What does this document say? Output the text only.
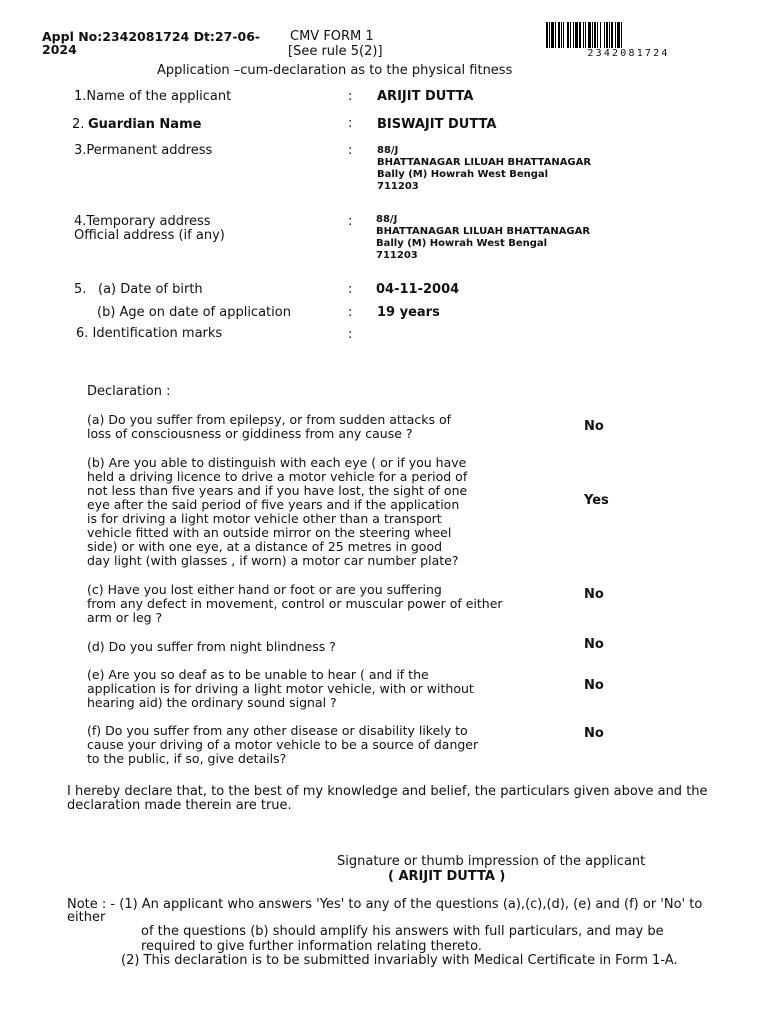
Appl No:2342081724 Dt:27-06-
2024
CMV FORM 1
[See rule 5(2)]
Application –cum-declaration as to the physical fitness
2342081724
1.Name of the applicant	: ARIJIT DUTTA
2. Guardian Name	: BISWAJIT DUTTA
3.Permanent address	: 88/J
BHATTANAGAR LILUAH BHATTANAGAR
Bally (M) Howrah West Bengal
711203
4.Temporary address
Official address (if any)
: 88/J
BHATTANAGAR LILUAH BHATTANAGAR
Bally (M) Howrah West Bengal
711203
5. (a) Date of birth	: 04-11-2004
(b) Age on date of application	: 19 years
6. Identification marks	:
Declaration :
(a) Do you suffer from epilepsy, or from sudden attacks of
loss of consciousness or giddiness from any cause ?	No
(b) Are you able to distinguish with each eye ( or if you have
held a driving licence to drive a motor vehicle for a period of
not less than five years and if you have lost, the sight of one
eye after the said period of five years and if the application
is for driving a light motor vehicle other than a transport
vehicle fitted with an outside mirror on the steering wheel
side) or with one eye, at a distance of 25 metres in good
day light (with glasses , if worn) a motor car number plate?
Yes
(c) Have you lost either hand or foot or are you suffering
from any defect in movement, control or muscular power of either
arm or leg ?
No
(d) Do you suffer from night blindness ?	No
(e) Are you so deaf as to be unable to hear ( and if the
application is for driving a light motor vehicle, with or without
hearing aid) the ordinary sound signal ?
No
(f) Do you suffer from any other disease or disability likely to
cause your driving of a motor vehicle to be a source of danger
to the public, if so, give details?
No
I hereby declare that, to the best of my knowledge and belief, the particulars given above and the
declaration made therein are true.
Signature or thumb impression of the applicant
( ARIJIT DUTTA )
Note : - (1) An applicant who answers 'Yes' to any of the questions (a),(c),(d), (e) and (f) or 'No' to
either
of the questions (b) should amplify his answers with full particulars, and may be
required to give further information relating thereto.
(2) This declaration is to be submitted invariably with Medical Certificate in Form 1-A.
